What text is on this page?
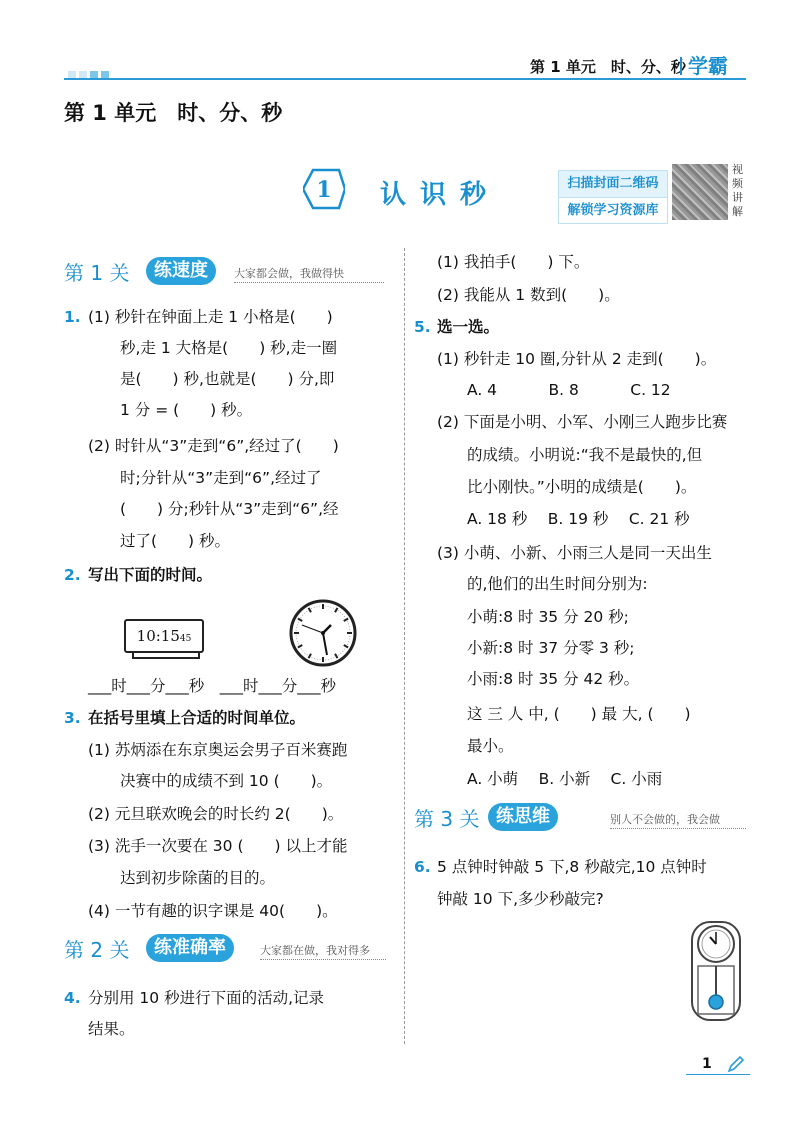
第 1 单元　时、分、秒 学霸
第 1 单元　时、分、秒
1 认识秒	扫描封面二维码
解锁学习资源库
视频讲解
第 1 关	练速度	大家都会做，我做得快
1. (1) 秒针在钟面上走 1 小格是(　　)
秒,走 1 大格是(　　) 秒,走一圈
是(　　) 秒,也就是(　　) 分,即
1 分 = (　　) 秒。
(2) 时针从“3”走到“6”,经过了(　　)
时;分针从“3”走到“6”,经过了
(　　) 分;秒针从“3”走到“6”,经
过了(　　) 秒。
2. 写出下面的时间。
10:1545
___时___分___秒　___时___分___秒
3. 在括号里填上合适的时间单位。
(1) 苏炳添在东京奥运会男子百米赛跑
决赛中的成绩不到 10 (　　)。
(2) 元旦联欢晚会的时长约 2(　　)。
(3) 洗手一次要在 30 (　　) 以上才能
达到初步除菌的目的。
(4) 一节有趣的识字课是 40(　　)。
第 2 关	练准确率	大家都在做，我对得多
4. 分别用 10 秒进行下面的活动,记录
结果。
(1) 我拍手(　　) 下。
(2) 我能从 1 数到(　　)。
5. 选一选。
(1) 秒针走 10 圈,分针从 2 走到(　　)。
A. 4　　　 B. 8　　　 C. 12
(2) 下面是小明、小军、小刚三人跑步比赛
的成绩。小明说:“我不是最快的,但
比小刚快。”小明的成绩是(　　)。
A. 18 秒　 B. 19 秒　 C. 21 秒
(3) 小萌、小新、小雨三人是同一天出生
的,他们的出生时间分别为:
小萌:8 时 35 分 20 秒;
小新:8 时 37 分零 3 秒;
小雨:8 时 35 分 42 秒。
这 三 人 中, (　　) 最 大, (　　)
最小。
A. 小萌　 B. 小新　 C. 小雨
第 3 关 练思维	别人不会做的，我会做
6. 5 点钟时钟敲 5 下,8 秒敲完,10 点钟时
钟敲 10 下,多少秒敲完?
1
